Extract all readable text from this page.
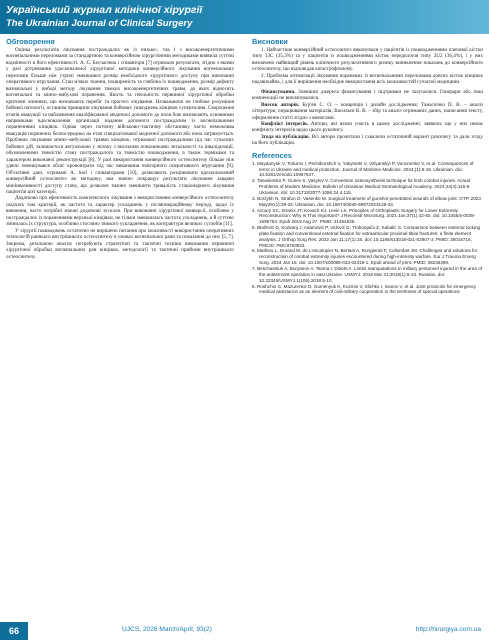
Український журнал клінічної хірургії
The Ukrainian Journal of Clinical Surgery
Обговорення

Оцінка результатів лікування постраждалих як із низько-, так і з високоенергетичними вогнепальними переломами за стандартною та конверсійною хірургічними методиками виявила суттєві відмінності в його ефективності. А. Є. Бесчаснюк і співавтори [7] отримали результати, згідно з якими у разі дотримання удосконаленої хірургічної методики конверсійного лікування вогнепальних переломів більше ніж утричі зменшився розмір необхідного хірургічного доступу при виконанні оперативного втручання. Стан м'яких тканин, поширеність та глибина їх пошкодження, розмір дефекту визначальні у виборі методу лікування тяжких високоенергетичних травм, до яких відносять вогнепальні та мінно–вибухові поранення. Якість та retельність первинної хірургічної обробки критичні чинники, що визначають перебіг та прогноз лікування. Незважаючи на глибоке розуміння бойової патології, останнім принципи лікування бойових ушкоджень кінцівок суперечливі. Скорочення етапів евакуації та наближення кваліфікованої медичної допомоги до поля бою визначають основними напрямками вдосконалення організації надання допомоги постраждалим із вогнепальними пораненнями кінцівок. Однак через поточну військово–тактичну обстановку часто неможлива евакуація поранених безпосередньо на етап спеціалізованої медичної допомоги або вона затримується. Проблема лікування мінно–вибухової травми кінцівок, отриманої постраждалими під час сучасних бойових дій, залишається актуальною у зв'язку з високими показниками летальності та інвалідизації, обумовленими тяжкістю стану постраждалого та тяжкістю пошкодження, а також терміками та характером виконаної реконструкції [8]. У разі використання конверсійного остеосинтезу більше ніж удвічі зменшувався обсяг крововтрати під час виконання повторного оперативного втручання [9]. Об'єктивні дані, отримані A. Sarl і співавторами [10], дозволяють розцінювати вдосконалений конверсійний остеосинтез як методику, яка значно покращує результати лікування завдяки мініінвазивності доступу стану, що дозволяє значно зменшити тривалість стаціонарного лікування пацієнтів цієї категорії.

Додатково про ефективність комплексного лікування з використанням конверсійного остеосинтезу свідчать такі критерії, як частота та характер ускладнень у післяопераційному періоді, щодо їх вивчення, часто потрібні значні додаткові зусилля. При виконанні хірургічної конверсії, особливо у постраждалих із пораненнями верхньої кінцівки, не тільки зменшилась частота ускладнень, а й суттєво змінилась їх структура, особливо стосовно тяжкого ускладнення, як контрактури великих суглобів [11].

У хірургії пошкоджень остаточно не вирішено питання про можливості використання оперативних технологій раннього внутрішнього остеосинтезу в умовах вогнепальної рани та показання до них [5, 7]. Зокрема, детальною аналізу потребують стратегічні та тактичні техніки виконання первинної хірургічної обробки вогнепальних ран кінцівок, методології та тактичні прийоми внутрішнього остеосинтезу.

Висновки

1. Найчастіше конверсійний остеосинтез виконували у пацієнтів із пошкодженнями плечової кістки типу 13С (35,3%) та у пацієнтів із пошкодженнями кісток передпліччя типу 2U2 (36,4%), і у них визначено найвищий рівень клінічного результативного ризику виникнення показань до конверсійного остеосинтезу, що відповідав катастрофічному.

2. Проблема оптимізації лікування поранених із вогнепальними переломами довгих кісток кінцівок надзвичайна, і для її вирішення необхідне використання всіх можливостей сучасної медицини.

Фінансування. Зовнішні джерела фінансування і підтримки не залучалися. Гонорари або інші компенсації не виплачувалися.

Внесок авторів. Бур'ян С. О. – концепція і дизайн дослідження; Танасієнко П. В. – аналіз літератури, опрацювання матеріалів; Васильєв В. В. – збір та аналіз отриманих даних, написання тексту, оформлення статті згідно з вимогами.

Конфлікт інтересів. Автори, які взяли участь в цьому дослідженні, заявили, що у них немає конфлікту інтересів щодо цього рукопису.

Згода на публікацію. Всі автори прочитали і схвалили остаточний варіант рукопису та дали згоду на його публікацію.

References
1. Maydanyuk V, Todurov I, Pechiborshch V, Yakymets V, Volyanskyi P, Vononenko V, et al. Consequences of terror in Ukraine and medical protection. Journal of Maritime Medicine. 2024;(1):8-18. Ukrainian. doi: 10.5281/zenodo.10967547.
2. Tanasiienko P, Guriev S, Vasylov V. Conversion osteosynthesis technique for limb combat injuries. Actual Problems of Modern Medicine: Bulletin of Ukrainian Medical Stomatological Academy. 2024;24(4):115-9. Ukrainian. doi: 10.31718/2077-1096.24.4.115.
3. Borzykh N, Strafun O, Vasenko M. Surgical treatment of gunshot penetrated wounds of elbow joint. OTP. 2023 May29;(1):29-33. Ukrainian. doi: 10.15674/0030-59872023129-33.
4. Azoury SC, Stranix JT, Kovach SJ, Levin LS. Principles of Orthoplastic Surgery for Lower Extremity Reconstruction: Why Is This Important? J Reconstr Microsurg. 2021 Jan;37(1):42-50. doi: 10.1055/s-0039-1695753. Epub 2019 Aug 27. PMID: 31454835.
5. Blažević D, Kodvanj J, Adamović P, Vidović D, Trobonjača Z, Sabalić S. Comparison between external locking plate fixation and conventional external fixation for extraarticular proximal tibial fractures: a finite element analysis. J Orthop Surg Res. 2022 Jan 11;17(1):16. doi: 10.1186/s13018-021-02907-3. PMID: 35016716; PMCID: PMC8753923.
6. Mathieu L, Durand M, de L'escalopier N, Bertani A, Rongieras F, Collombet JM. Challenges and solutions for reconstruction of combat extremity injuries encountered during high-intensity warfare. Eur J Trauma Emerg Surg. 2024 Jan 18. doi: 10.1007/s00068-023-02419-1. Epub ahead of print. PMID: 38236390.
7. Beschasniuk A, Buryanov A, Tsema I, Dinets A. Limbs reamputations in military personnel injured in the area of the antiterrorist operation in east Ukraine. USMYJ. 2018 Mar 31;2018(1):5-10. Russian. doi: 10.32345/USMYJ.1(105).2018.5-10.
8. Roshchin G, Mazurenko O, Gumenyuk K, Kuzmin V, Slichko I, Ivanov V, et al. Joint protocols for emergency medical assistance as an element of civil-military cooperation in the territories of special operations
66	UJCS, 2026 March/April; 93(2)	http://hirurgiya.com.ua
